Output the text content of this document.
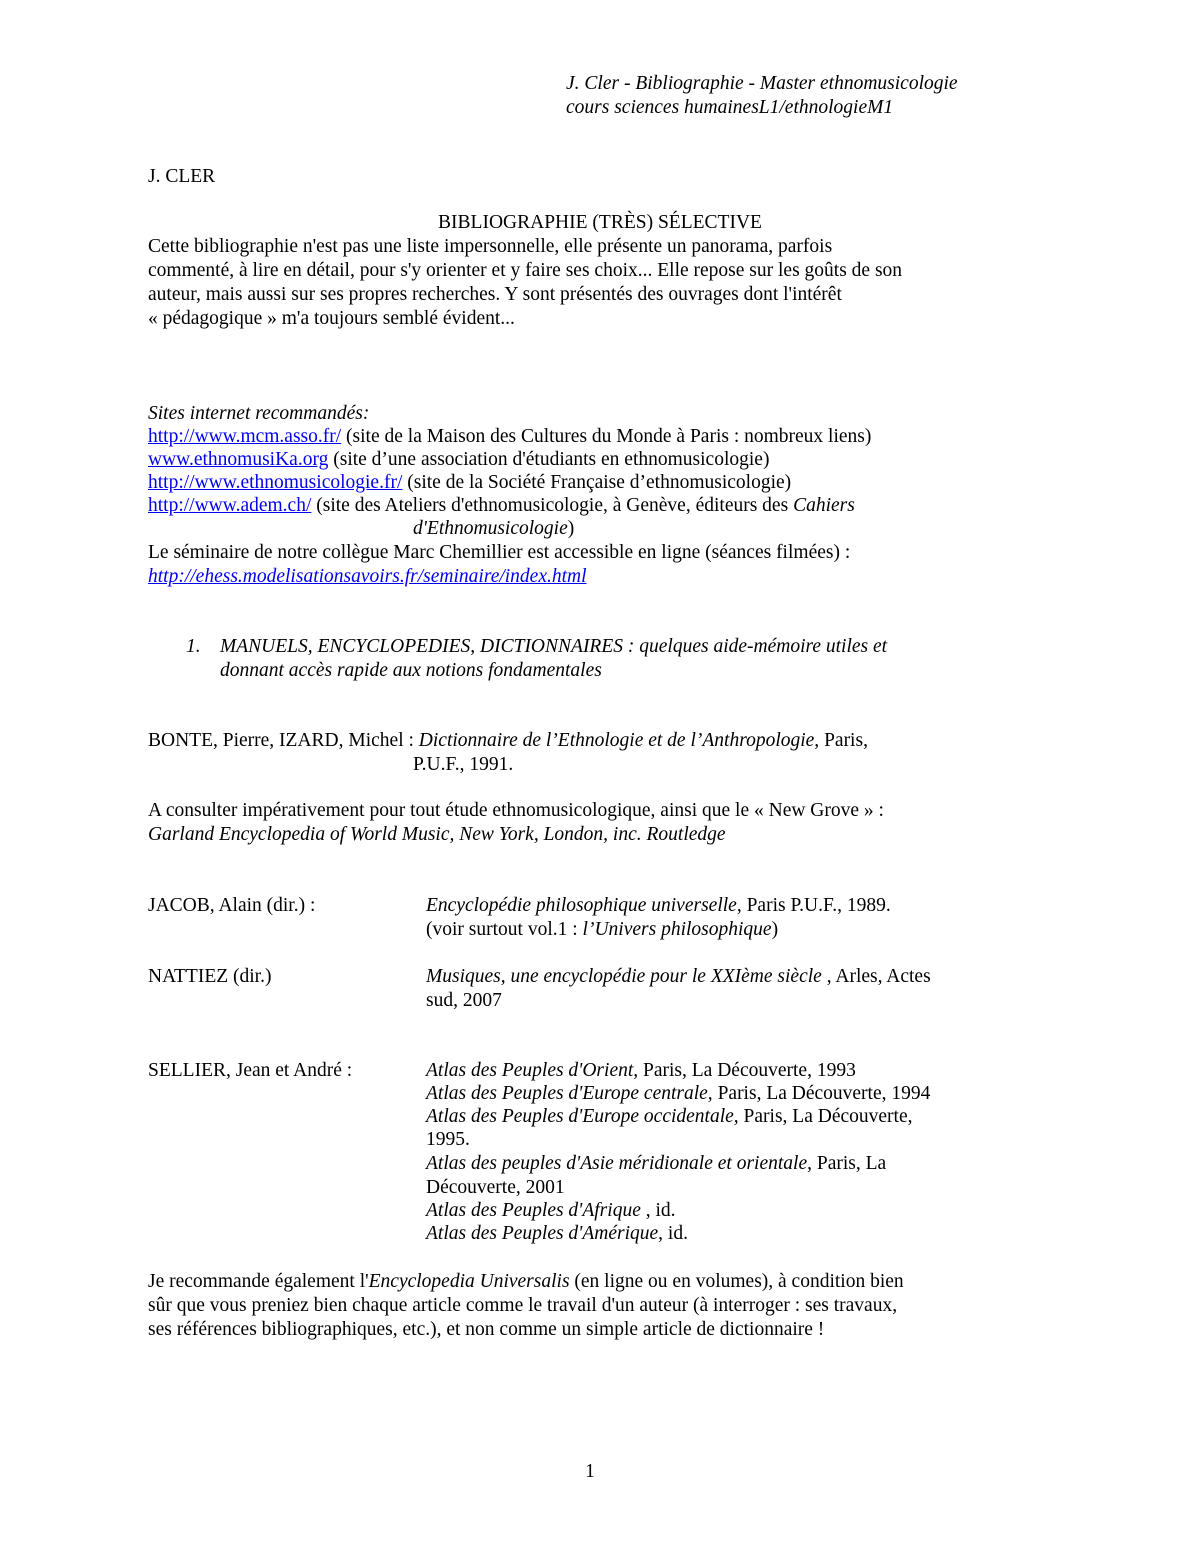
J. Cler - Bibliographie - Master ethnomusicologie
cours sciences humainesL1/ethnologieM1
J. CLER
BIBLIOGRAPHIE (TRÈS) SÉLECTIVE
Cette bibliographie n'est pas une liste impersonnelle, elle présente un panorama, parfois
commenté, à lire en détail, pour s'y orienter et y faire ses choix... Elle repose sur les goûts de son
auteur, mais aussi sur ses propres recherches. Y sont présentés des ouvrages dont l'intérêt
« pédagogique » m'a toujours semblé évident...
Sites internet recommandés:
http://www.mcm.asso.fr/ (site de la Maison des Cultures du Monde à Paris : nombreux liens)
www.ethnomusiKa.org (site d’une association d'étudiants en ethnomusicologie)
http://www.ethnomusicologie.fr/ (site de la Société Française d’ethnomusicologie)
http://www.adem.ch/ (site des Ateliers d'ethnomusicologie, à Genève, éditeurs des Cahiers
d'Ethnomusicologie)
Le séminaire de notre collègue Marc Chemillier est accessible en ligne (séances filmées) :
http://ehess.modelisationsavoirs.fr/seminaire/index.html
1. MANUELS, ENCYCLOPEDIES, DICTIONNAIRES : quelques aide-mémoire utiles et
donnant accès rapide aux notions fondamentales
BONTE, Pierre, IZARD, Michel : Dictionnaire de l’Ethnologie et de l’Anthropologie, Paris,
P.U.F., 1991.
A consulter impérativement pour tout étude ethnomusicologique, ainsi que le « New Grove » :
Garland Encyclopedia of World Music, New York, London, inc. Routledge
JACOB, Alain (dir.) :	Encyclopédie philosophique universelle, Paris P.U.F., 1989.
(voir surtout vol.1 : l’Univers philosophique)
NATTIEZ (dir.)	Musiques, une encyclopédie pour le XXIème siècle , Arles, Actes
sud, 2007
SELLIER, Jean et André :	Atlas des Peuples d'Orient, Paris, La Découverte, 1993
Atlas des Peuples d'Europe centrale, Paris, La Découverte, 1994
Atlas des Peuples d'Europe occidentale, Paris, La Découverte,
1995.
Atlas des peuples d'Asie méridionale et orientale, Paris, La
Découverte, 2001
Atlas des Peuples d'Afrique , id.
Atlas des Peuples d'Amérique, id.
Je recommande également l'Encyclopedia Universalis (en ligne ou en volumes), à condition bien
sûr que vous preniez bien chaque article comme le travail d'un auteur (à interroger : ses travaux,
ses références bibliographiques, etc.), et non comme un simple article de dictionnaire !
1
